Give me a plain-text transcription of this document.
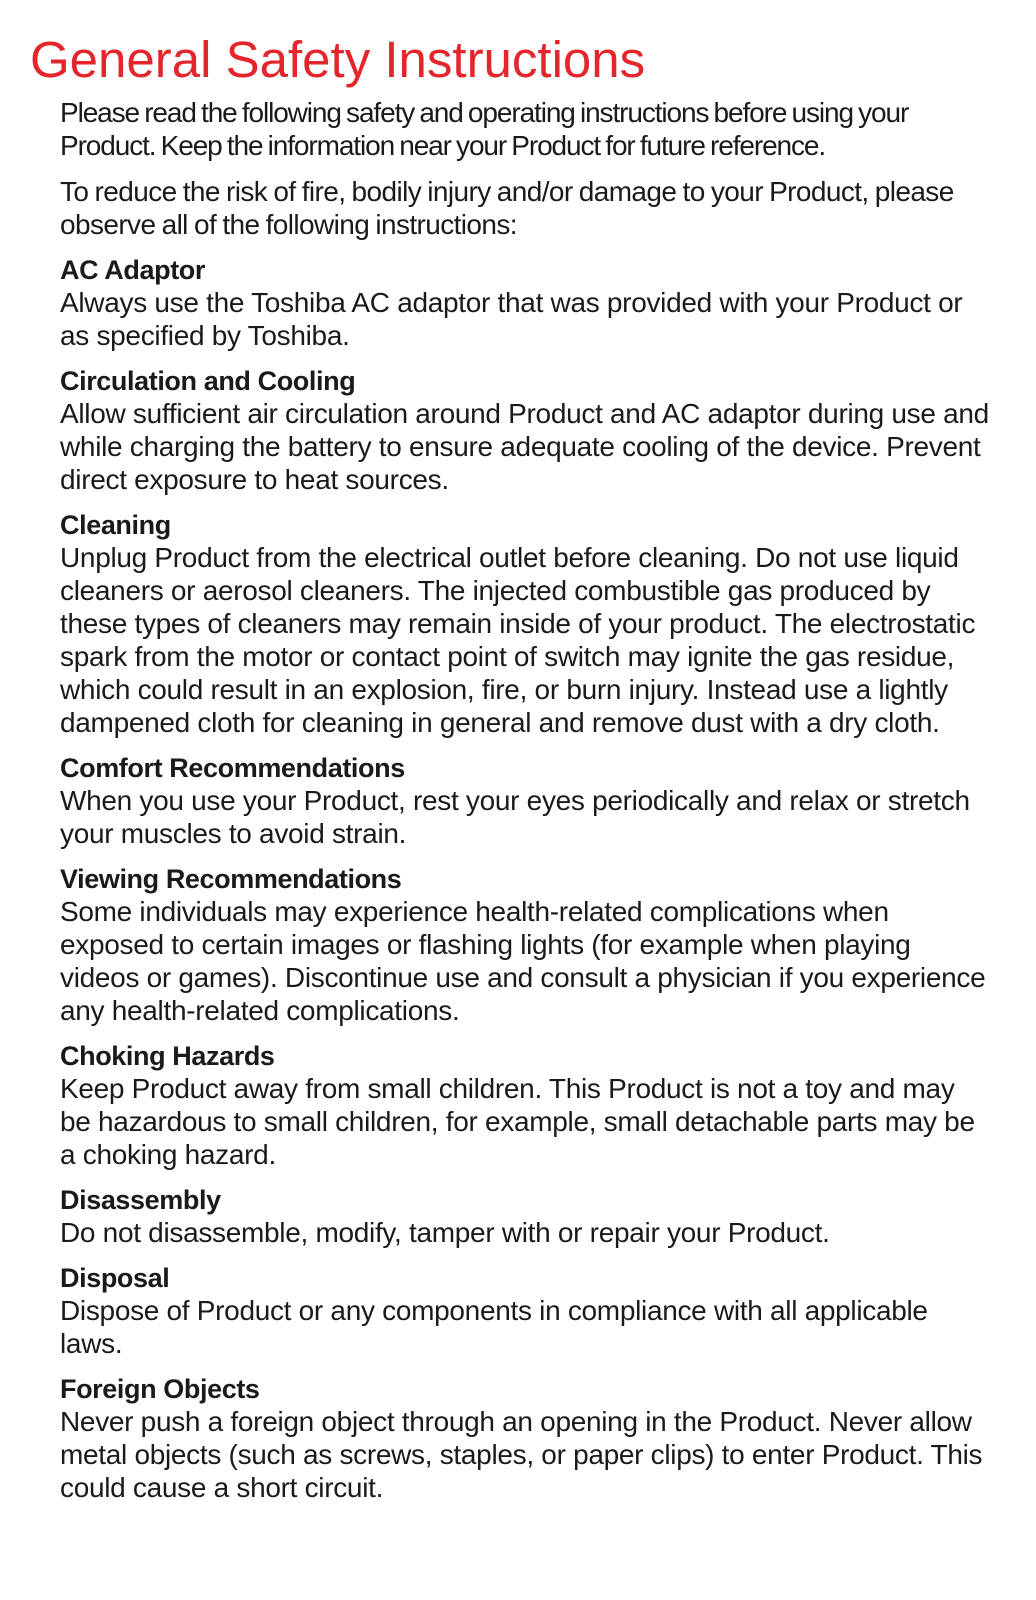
General Safety Instructions

Please read the following safety and operating instructions before using your Product. Keep the information near your Product for future reference.

To reduce the risk of fire, bodily injury and/or damage to your Product, please observe all of the following instructions:

AC Adaptor
Always use the Toshiba AC adaptor that was provided with your Product or as specified by Toshiba.
Circulation and Cooling
Allow sufficient air circulation around Product and AC adaptor during use and while charging the battery to ensure adequate cooling of the device. Prevent direct exposure to heat sources.
Cleaning
Unplug Product from the electrical outlet before cleaning. Do not use liquid cleaners or aerosol cleaners. The injected combustible gas produced by these types of cleaners may remain inside of your product. The electrostatic spark from the motor or contact point of switch may ignite the gas residue, which could result in an explosion, fire, or burn injury. Instead use a lightly dampened cloth for cleaning in general and remove dust with a dry cloth.
Comfort Recommendations
When you use your Product, rest your eyes periodically and relax or stretch your muscles to avoid strain.
Viewing Recommendations
Some individuals may experience health-related complications when exposed to certain images or flashing lights (for example when playing videos or games). Discontinue use and consult a physician if you experience any health-related complications.
Choking Hazards
Keep Product away from small children. This Product is not a toy and may be hazardous to small children, for example, small detachable parts may be a choking hazard.
Disassembly
Do not disassemble, modify, tamper with or repair your Product.
Disposal
Dispose of Product or any components in compliance with all applicable laws.
Foreign Objects
Never push a foreign object through an opening in the Product. Never allow metal objects (such as screws, staples, or paper clips) to enter Product. This could cause a short circuit.
